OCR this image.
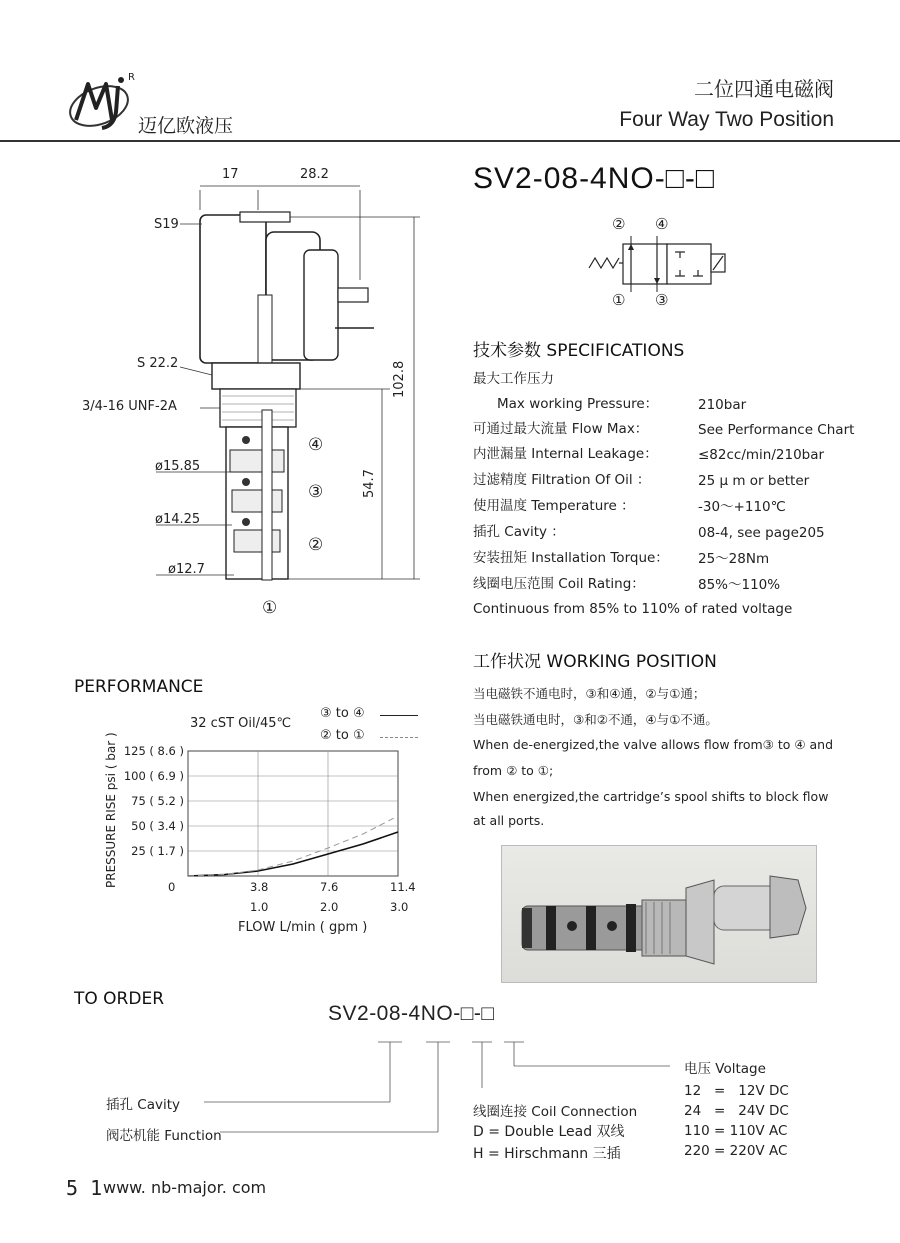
R
迈亿欧液压
二位四通电磁阀
Four Way Two Position
SV2-08-4NO-□-□
17	28.2
S19
S 22.2
3/4-16 UNF-2A
ø15.85
ø14.25
ø12.7
102.8
54.7
④
③
②
①
② ④
① ③
技术参数 SPECIFICATIONS
最大工作压力
Max working Pressure：	210bar
可通过最大流量 Flow Max：	See Performance Chart
内泄漏量 Internal Leakage：	≤82cc/min/210bar
过滤精度 Filtration Of Oil ：	25 μ m or better
使用温度 Temperature ：	-30～+110℃
插孔 Cavity ：	08-4, see page205
安装扭矩 Installation Torque： 25～28Nm
线圈电压范围 Coil Rating：	85%～110%
Continuous from 85% to 110% of rated voltage
工作状况 WORKING POSITION
当电磁铁不通电时，③和④通，②与①通；
当电磁铁通电时，③和②不通，④与①不通。
When de-energized,the valve allows flow from③ to ④ and
from ② to ①;
When energized,the cartridge’s spool shifts to block flow
at all ports.
PERFORMANCE
32 cST Oil/45℃
③ to ④
② to ①
PRESSURE RISE psi ( bar ) 125 ( 8.6 )
100 ( 6.9 )
75 ( 5.2 )
50 ( 3.4 )
25 ( 1.7 )
0	3.8	7.6	11.4
1.0	2.0	3.0
FLOW L/min ( gpm )
TO ORDER
SV2-08-4NO-□-□
插孔 Cavity
阀芯机能 Function
线圈连接 Coil Connection
D = Double Lead 双线
H = Hirschmann 三插
电压 Voltage
12   =   12V DC
24   =   24V DC
110 = 110V AC
220 = 220V AC
5 1 www. nb-major. com
